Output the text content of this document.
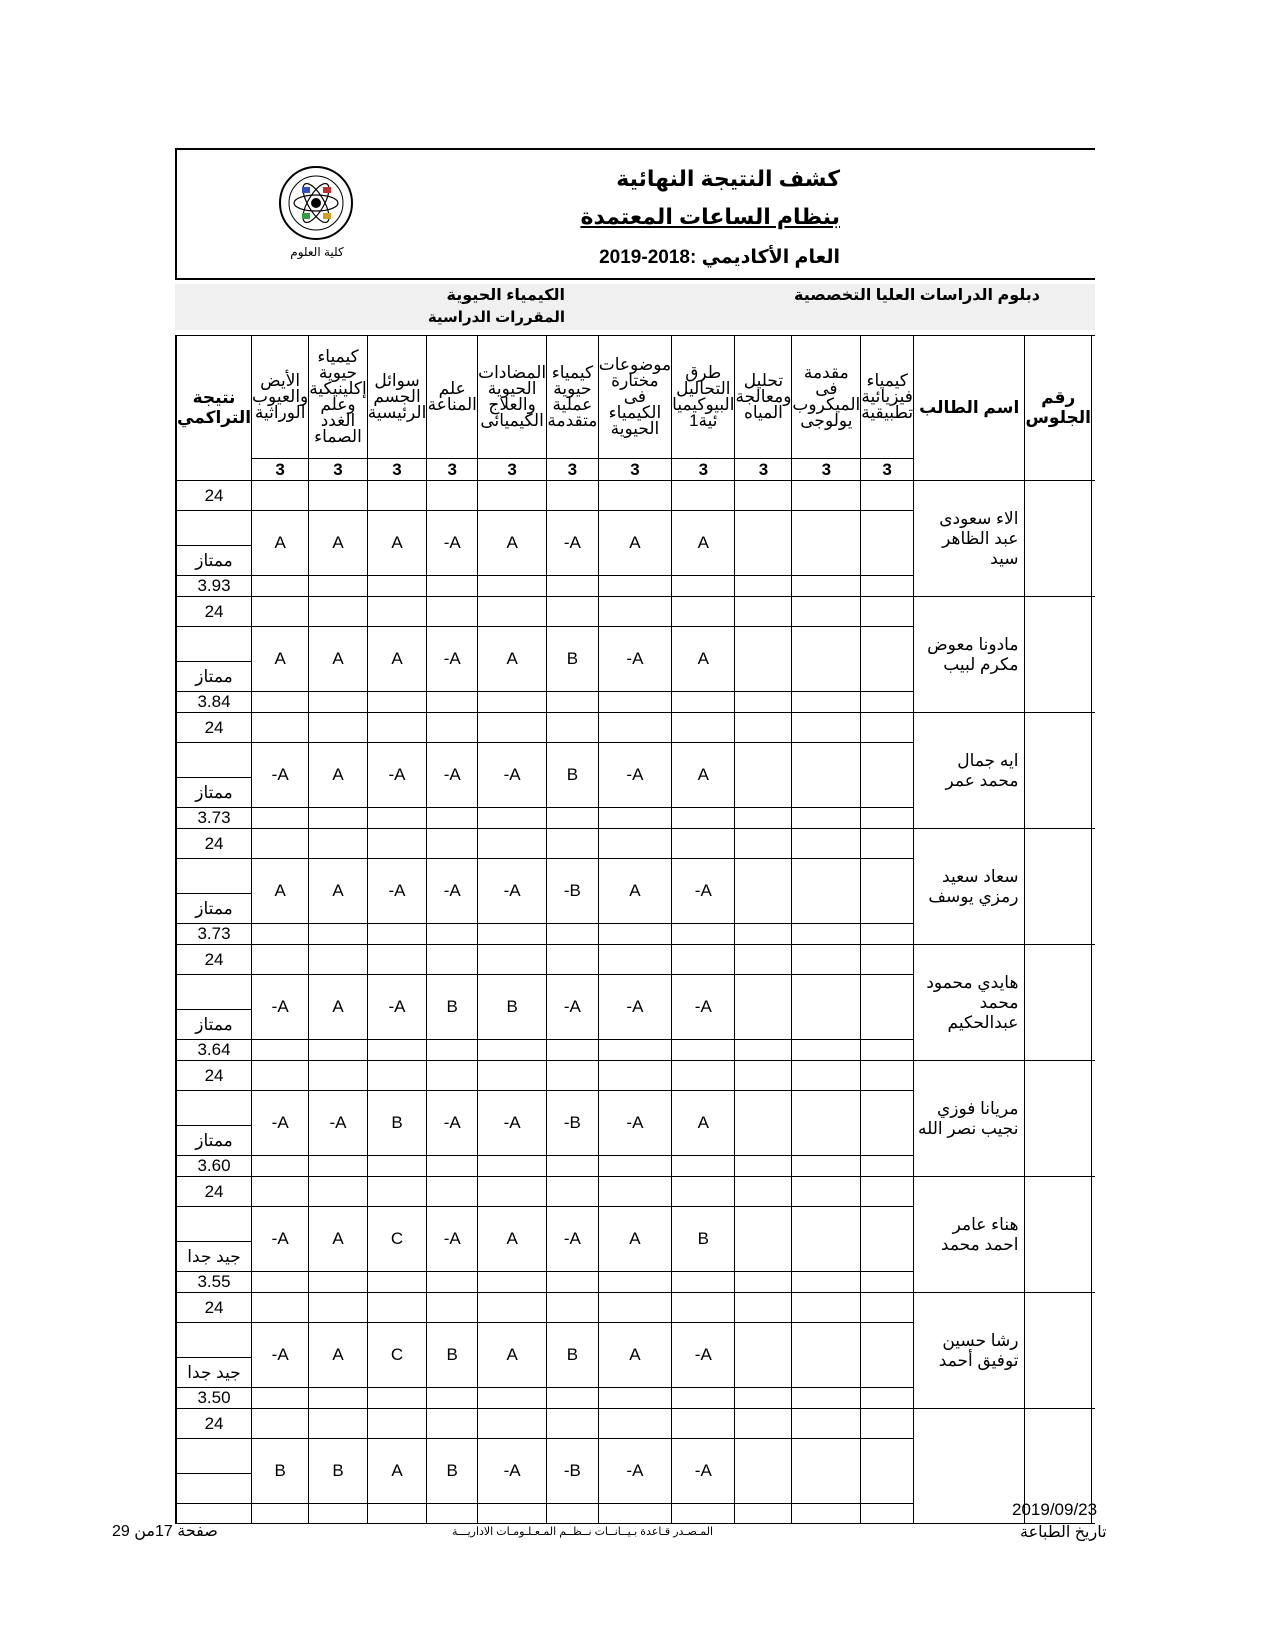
كلية العلوم
كشف النتيجة النهائية
بنظام الساعات المعتمدة
العام الأكاديمي :2018-2019
دبلوم الدراسات العليا التخصصية
الكيمياء الحيوية
المقررات الدراسية
نتيجة التراكمي	الأيض والعيوب الوراثية	كيمياء حيوية إكلينيكية وعلم الغدد الصماء	سوائل الجسم الرئيسية	علم المناعة	المضادات الحيوية والعلاج الكيميائى	كيمياء حيوية عملية متقدمة	موضوعات مختارة فى الكيمياء الحيوية	طرق التحاليل البيوكيميا ئية1	تحليل ومعالجة المياه	مقدمة فى الميكروب يولوجى	كيمياء فيزيائية تطبيقية	اسم الطالب	رقم الجلوس	
	3	3	3	3	3	3	3	3	3	3	3			
24												الاء سعودى عبد الظاهر سيد		
	A	A	A	-A	A	-A	A	A						
ممتاز														
3.93														
24												مادونا معوض مكرم لبيب		
	A	A	A	-A	A	B	-A	A						
ممتاز														
3.84														
24												ايه جمال محمد عمر		
	-A	A	-A	-A	-A	B	-A	A						
ممتاز														
3.73														
24												سعاد سعيد رمزي يوسف		
	A	A	-A	-A	-A	-B	A	-A						
ممتاز														
3.73														
24												هايدي محمود محمد عبدالحكيم		
	-A	A	-A	B	B	-A	-A	-A						
ممتاز														
3.64														
24												مريانا فوزي نجيب نصر الله		
	-A	-A	B	-A	-A	-B	-A	A						
ممتاز														
3.60														
24												هناء عامر احمد محمد		
	-A	A	C	-A	A	-A	A	B						
جيد جدا														
3.55														
24												رشا حسين توفيق أحمد		
	-A	A	C	B	A	B	A	-A						
جيد جدا														
3.50														
24														
	B	B	A	B	-A	-B	-A	-A						

2019/09/23
تاريخ الطباعة
المـصـدر قـاعدة بـيــانــات نــظــم المـعـلـومـات الاداريـــة
صفحة 17من 29
